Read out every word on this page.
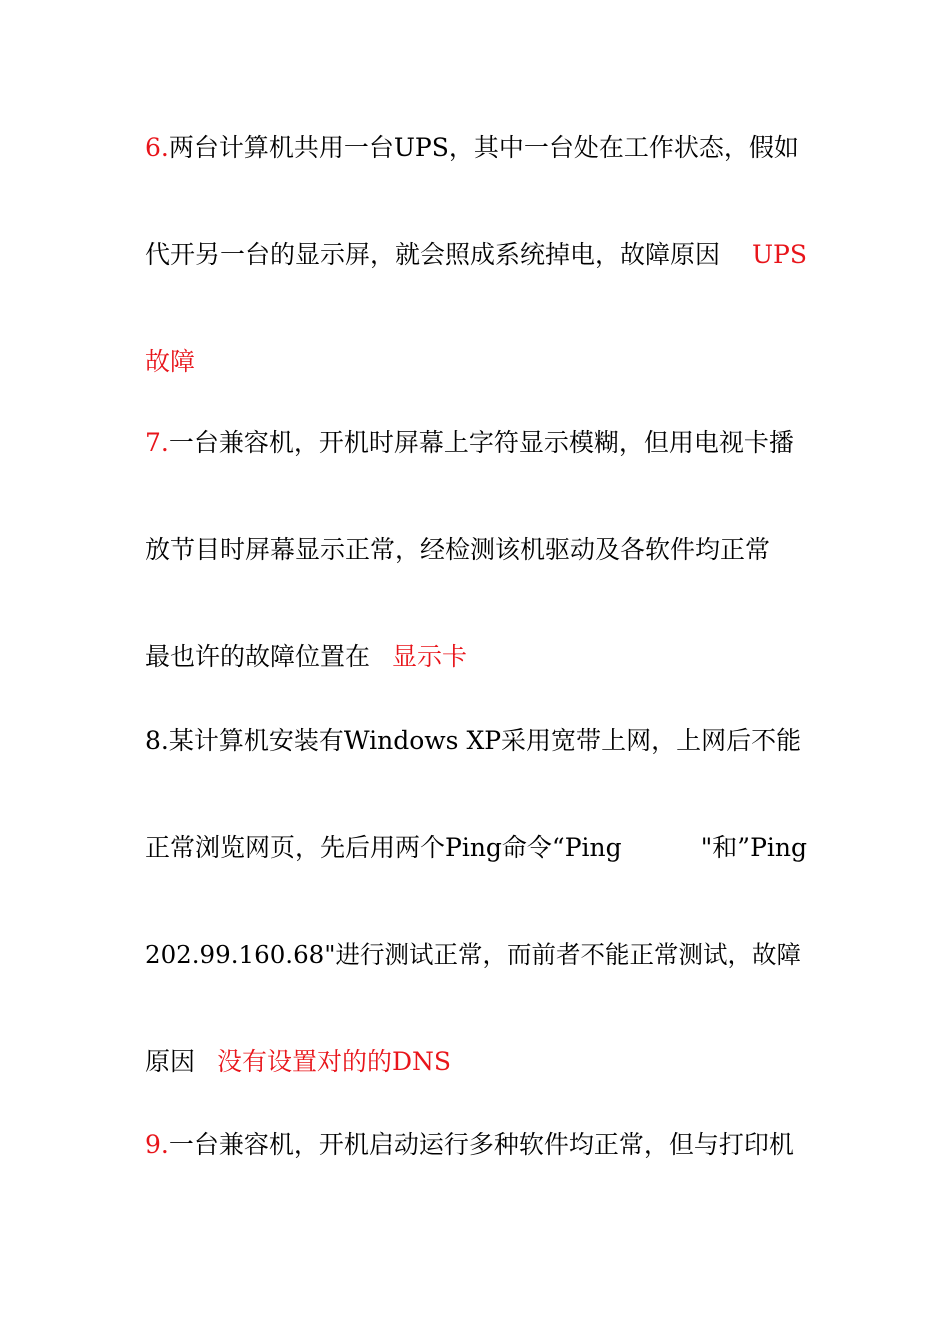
6.两台计算机共用一台UPS，其中一台处在工作状态，假如
代开另一台的显示屏，就会照成系统掉电，故障原因 UPS
故障
7.一台兼容机，开机时屏幕上字符显示模糊，但用电视卡播
放节目时屏幕显示正常，经检测该机驱动及各软件均正常
最也许的故障位置在 显示卡
8.某计算机安装有Windows XP采用宽带上网，上网后不能
正常浏览网页，先后用两个Ping命令“Ping	"和”Ping
202.99.160.68"进行测试正常，而前者不能正常测试，故障
原因 没有设置对的的DNS
9.一台兼容机，开机启动运行多种软件均正常，但与打印机
